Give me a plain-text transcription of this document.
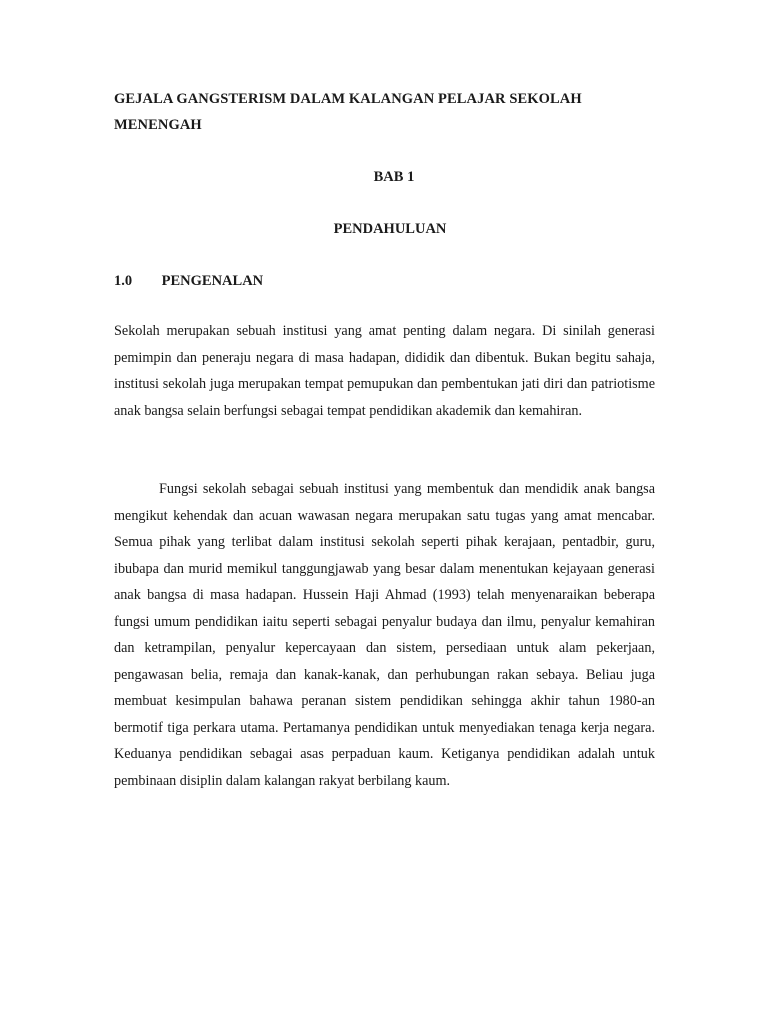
GEJALA GANGSTERISM DALAM KALANGAN PELAJAR SEKOLAH MENENGAH
BAB 1
PENDAHULUAN
1.0 PENGENALAN

Sekolah merupakan sebuah institusi yang amat penting dalam negara. Di sinilah generasi pemimpin dan peneraju negara di masa hadapan, dididik dan dibentuk. Bukan begitu sahaja, institusi sekolah juga merupakan tempat pemupukan dan pembentukan jati diri dan patriotisme anak bangsa selain berfungsi sebagai tempat pendidikan akademik dan kemahiran.

Fungsi sekolah sebagai sebuah institusi yang membentuk dan mendidik anak bangsa mengikut kehendak dan acuan wawasan negara merupakan satu tugas yang amat mencabar. Semua pihak yang terlibat dalam institusi sekolah seperti pihak kerajaan, pentadbir, guru, ibubapa dan murid memikul tanggungjawab yang besar dalam menentukan kejayaan generasi anak bangsa di masa hadapan. Hussein Haji Ahmad (1993) telah menyenaraikan beberapa fungsi umum pendidikan iaitu seperti sebagai penyalur budaya dan ilmu, penyalur kemahiran dan ketrampilan, penyalur kepercayaan dan sistem, persediaan untuk alam pekerjaan, pengawasan belia, remaja dan kanak-kanak, dan perhubungan rakan sebaya. Beliau juga membuat kesimpulan bahawa peranan sistem pendidikan sehingga akhir tahun 1980-an bermotif tiga perkara utama. Pertamanya pendidikan untuk menyediakan tenaga kerja negara. Keduanya pendidikan sebagai asas perpaduan kaum. Ketiganya pendidikan adalah untuk pembinaan disiplin dalam kalangan rakyat berbilang kaum.
